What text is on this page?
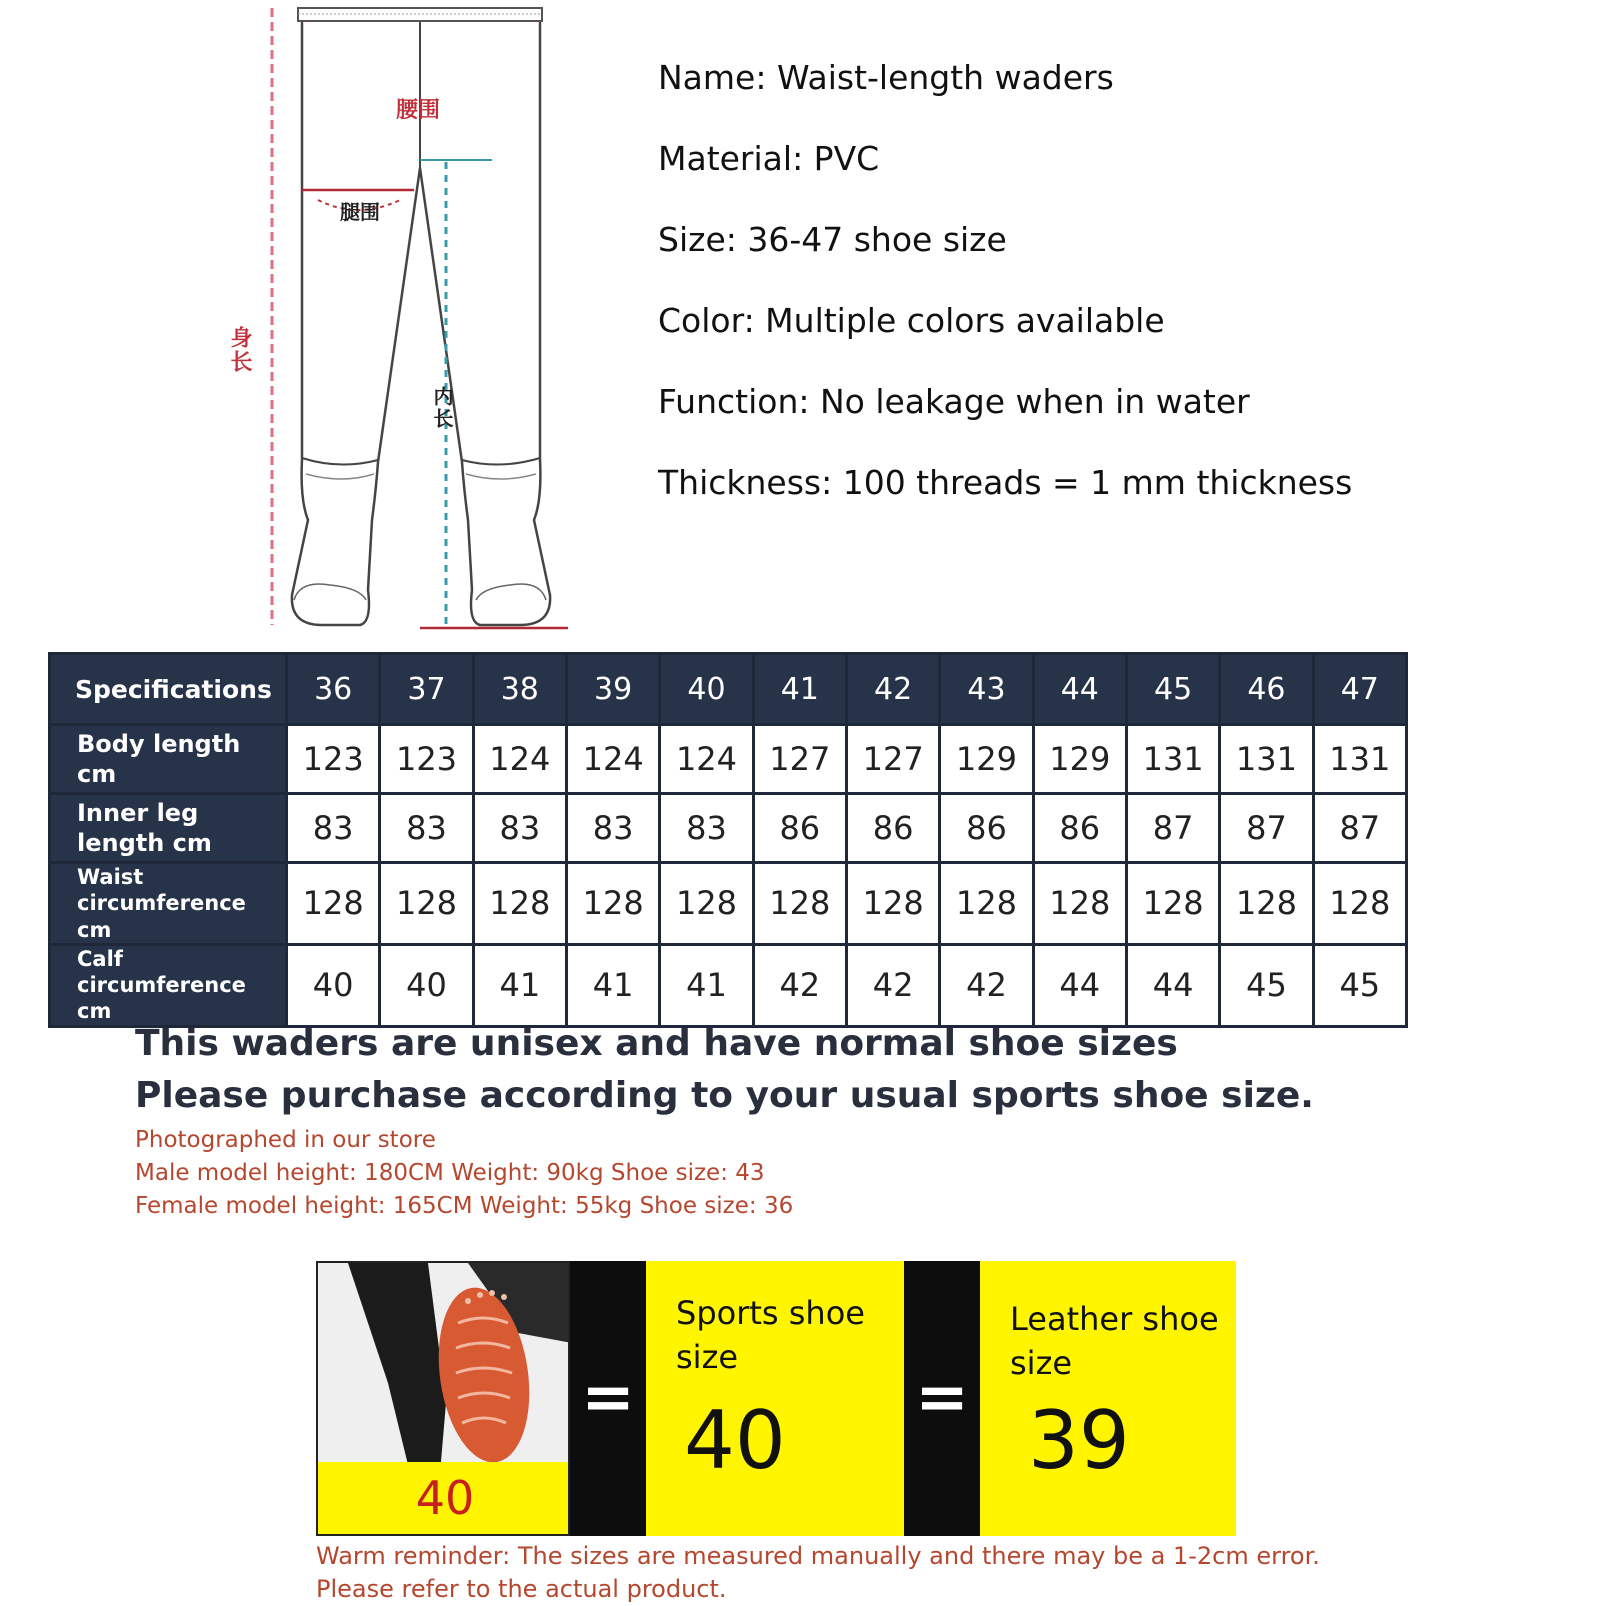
腰围
腿围
身长
内长
Name: Waist-length waders
Material: PVC
Size: 36-47 shoe size
Color: Multiple colors available
Function: No leakage when in water
Thickness: 100 threads = 1 mm thickness
Specifications	36	37	38	39	40	41	42	43	44	45	46	47
Body length cm	123	123	124	124	124	127	127	129	129	131	131	131
Inner leg length cm	83	83	83	83	83	86	86	86	86	87	87	87
Waist circumference cm	128	128	128	128	128	128	128	128	128	128	128	128
Calf circumference cm	40	40	41	41	41	42	42	42	44	44	45	45
This waders are unisex and have normal shoe sizes
Please purchase according to your usual sports shoe size.
Photographed in our store
Male model height: 180CM Weight: 90kg Shoe size: 43
Female model height: 165CM Weight: 55kg Shoe size: 36
40
=
Sports shoe
size
40 =
Leather shoe
size
39
Warm reminder: The sizes are measured manually and there may be a 1-2cm error.
Please refer to the actual product.
